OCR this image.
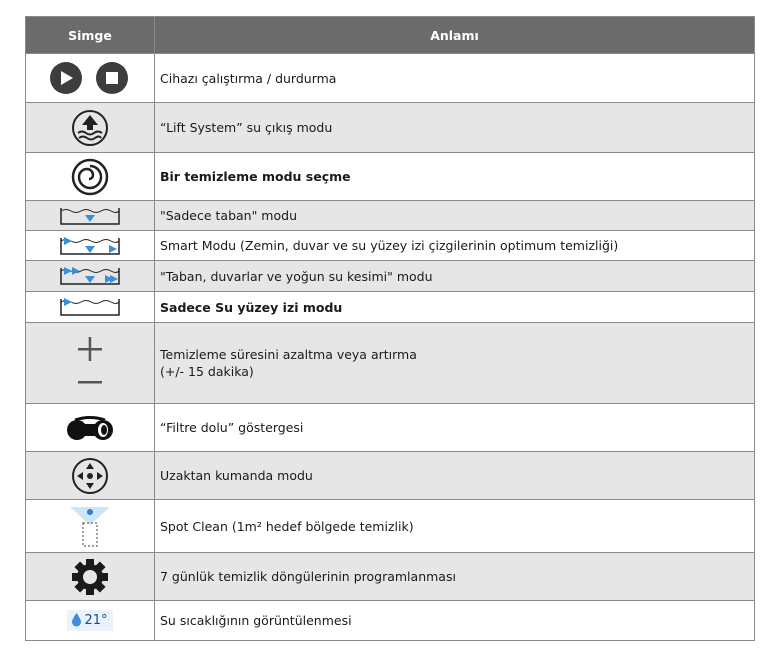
Simge	Anlamı

	Cihazı çalıştırma / durdurma

	“Lift System” su çıkış modu

	Bir temizleme modu seçme

	"Sadece taban" modu

	Smart Modu (Zemin, duvar ve su yüzey izi çizgilerinin optimum temizliği)

	"Taban, duvarlar ve yoğun su kesimi" modu

	Sadece Su yüzey izi modu

	Temizleme süresini azaltma veya artırma
(+/- 15 dakika)

	“Filtre dolu” göstergesi

	Uzaktan kumanda modu

	Spot Clean (1m² hedef bölgede temizlik)

	7 günlük temizlik döngülerinin programlanması

21°	Su sıcaklığının görüntülenmesi
